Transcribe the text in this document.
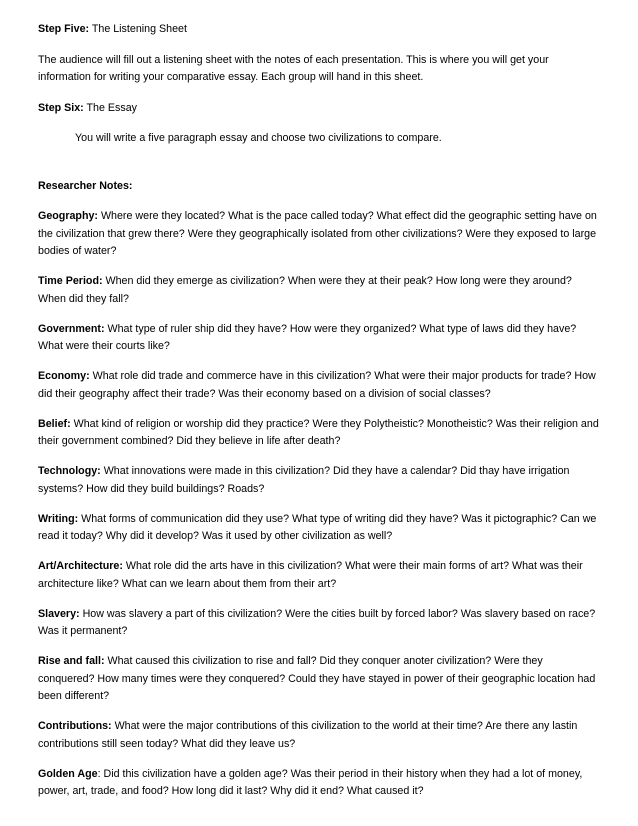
Step Five: The Listening Sheet

The audience will fill out a listening sheet with the notes of each presentation. This is where you will get your information for writing your comparative essay. Each group will hand in this sheet.

Step Six: The Essay

You will write a five paragraph essay and choose two civilizations to compare.

Researcher Notes:

Geography: Where were they located? What is the pace called today? What effect did the geographic setting have on the civilization that grew there? Were they geographically isolated from other civilizations? Were they exposed to large bodies of water?

Time Period: When did they emerge as civilization? When were they at their peak? How long were they around? When did they fall?

Government: What type of ruler ship did they have? How were they organized? What type of laws did they have? What were their courts like?

Economy: What role did trade and commerce have in this civilization? What were their major products for trade? How did their geography affect their trade? Was their economy based on a division of social classes?

Belief: What kind of religion or worship did they practice? Were they Polytheistic? Monotheistic? Was their religion and their government combined? Did they believe in life after death?

Technology: What innovations were made in this civilization? Did they have a calendar? Did thay have irrigation systems? How did they build buildings? Roads?

Writing: What forms of communication did they use? What type of writing did they have? Was it pictographic? Can we read it today? Why did it develop? Was it used by other civilization as well?

Art/Architecture: What role did the arts have in this civilization? What were their main forms of art? What was their architecture like? What can we learn about them from their art?

Slavery: How was slavery a part of this civilization? Were the cities built by forced labor? Was slavery based on race? Was it permanent?

Rise and fall: What caused this civilization to rise and fall? Did they conquer anoter civilization? Were they conquered? How many times were they conquered? Could they have stayed in power of their geographic location had been different?

Contributions: What were the major contributions of this civilization to the world at their time? Are there any lastin contributions still seen today? What did they leave us?

Golden Age: Did this civilization have a golden age? Was their period in their history when they had a lot of money, power, art, trade, and food? How long did it last? Why did it end? What caused it?
